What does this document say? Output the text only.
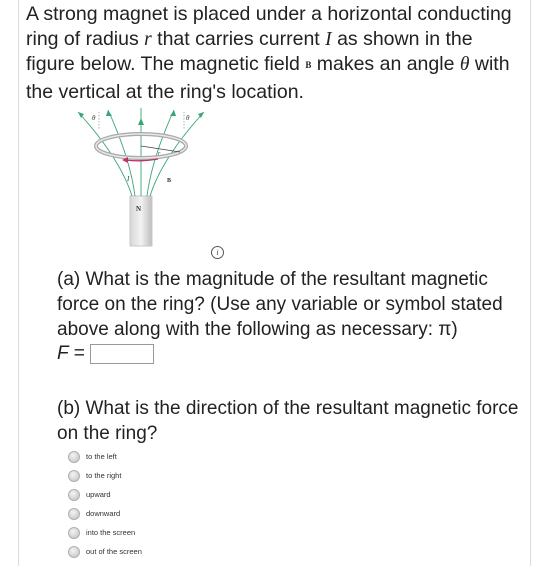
A strong magnet is placed under a horizontal conducting ring of radius r that carries current I as shown in the figure below. The magnetic field B makes an angle θ with the vertical at the ring's location.
N
θ	θ
r
I	B
i
(a) What is the magnitude of the resultant magnetic force on the ring? (Use any variable or symbol stated above along with the following as necessary: π)
F =
(b) What is the direction of the resultant magnetic force on the ring?
to the left
to the right
upward
downward
into the screen
out of the screen
